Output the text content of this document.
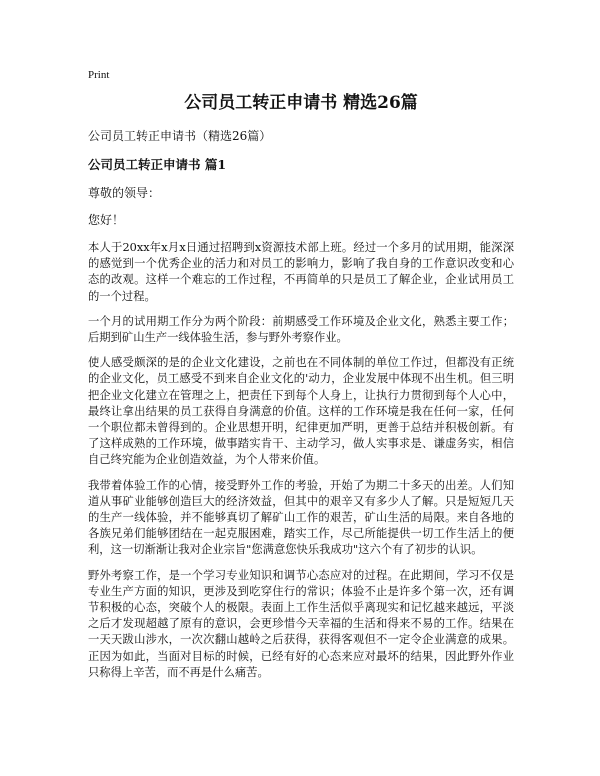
Print
公司员工转正申请书 精选26篇
公司员工转正申请书（精选26篇）
公司员工转正申请书 篇1
尊敬的领导：
您好！

本人于20xx年x月x日通过招聘到x资源技术部上班。经过一个多月的试用期，能深深的感觉到一个优秀企业的活力和对员工的影响力，影响了我自身的工作意识改变和心态的改观。这样一个难忘的工作过程，不再简单的只是员工了解企业，企业试用员工的一个过程。

一个月的试用期工作分为两个阶段：前期感受工作环境及企业文化，熟悉主要工作；后期到矿山生产一线体验生活，参与野外考察作业。

使人感受颇深的是的企业文化建设，之前也在不同体制的单位工作过，但都没有正统的企业文化，员工感受不到来自企业文化的'动力，企业发展中体现不出生机。但三明把企业文化建立在管理之上，把责任下到每个人身上，让执行力贯彻到每个人心中，最终让拿出结果的员工获得自身满意的价值。这样的工作环境是我在任何一家，任何一个职位都未曾得到的。企业思想开明，纪律更加严明，更善于总结并积极创新。有了这样成熟的工作环境，做事踏实肯干、主动学习，做人实事求是、谦虚务实，相信自己终究能为企业创造效益，为个人带来价值。

我带着体验工作的心情，接受野外工作的考验，开始了为期二十多天的出差。人们知道从事矿业能够创造巨大的经济效益，但其中的艰辛又有多少人了解。只是短短几天的生产一线体验，并不能够真切了解矿山工作的艰苦，矿山生活的局限。来自各地的各族兄弟们能够团结在一起克服困难，踏实工作，尽己所能提供一切工作生活上的便利，这一切渐渐让我对企业宗旨"您满意您快乐我成功"这六个有了初步的认识。

野外考察工作，是一个学习专业知识和调节心态应对的过程。在此期间，学习不仅是专业生产方面的知识，更涉及到吃穿住行的常识；体验不止是许多个第一次，还有调节积极的心态，突破个人的极限。表面上工作生活似乎离现实和记忆越来越远，平淡之后才发现超越了原有的意识，会更珍惜今天幸福的生活和得来不易的工作。结果在一天天跋山涉水，一次次翻山越岭之后获得，获得客观但不一定令企业满意的成果。正因为如此，当面对目标的时候，已经有好的心态来应对最坏的结果，因此野外作业只称得上辛苦，而不再是什么痛苦。
